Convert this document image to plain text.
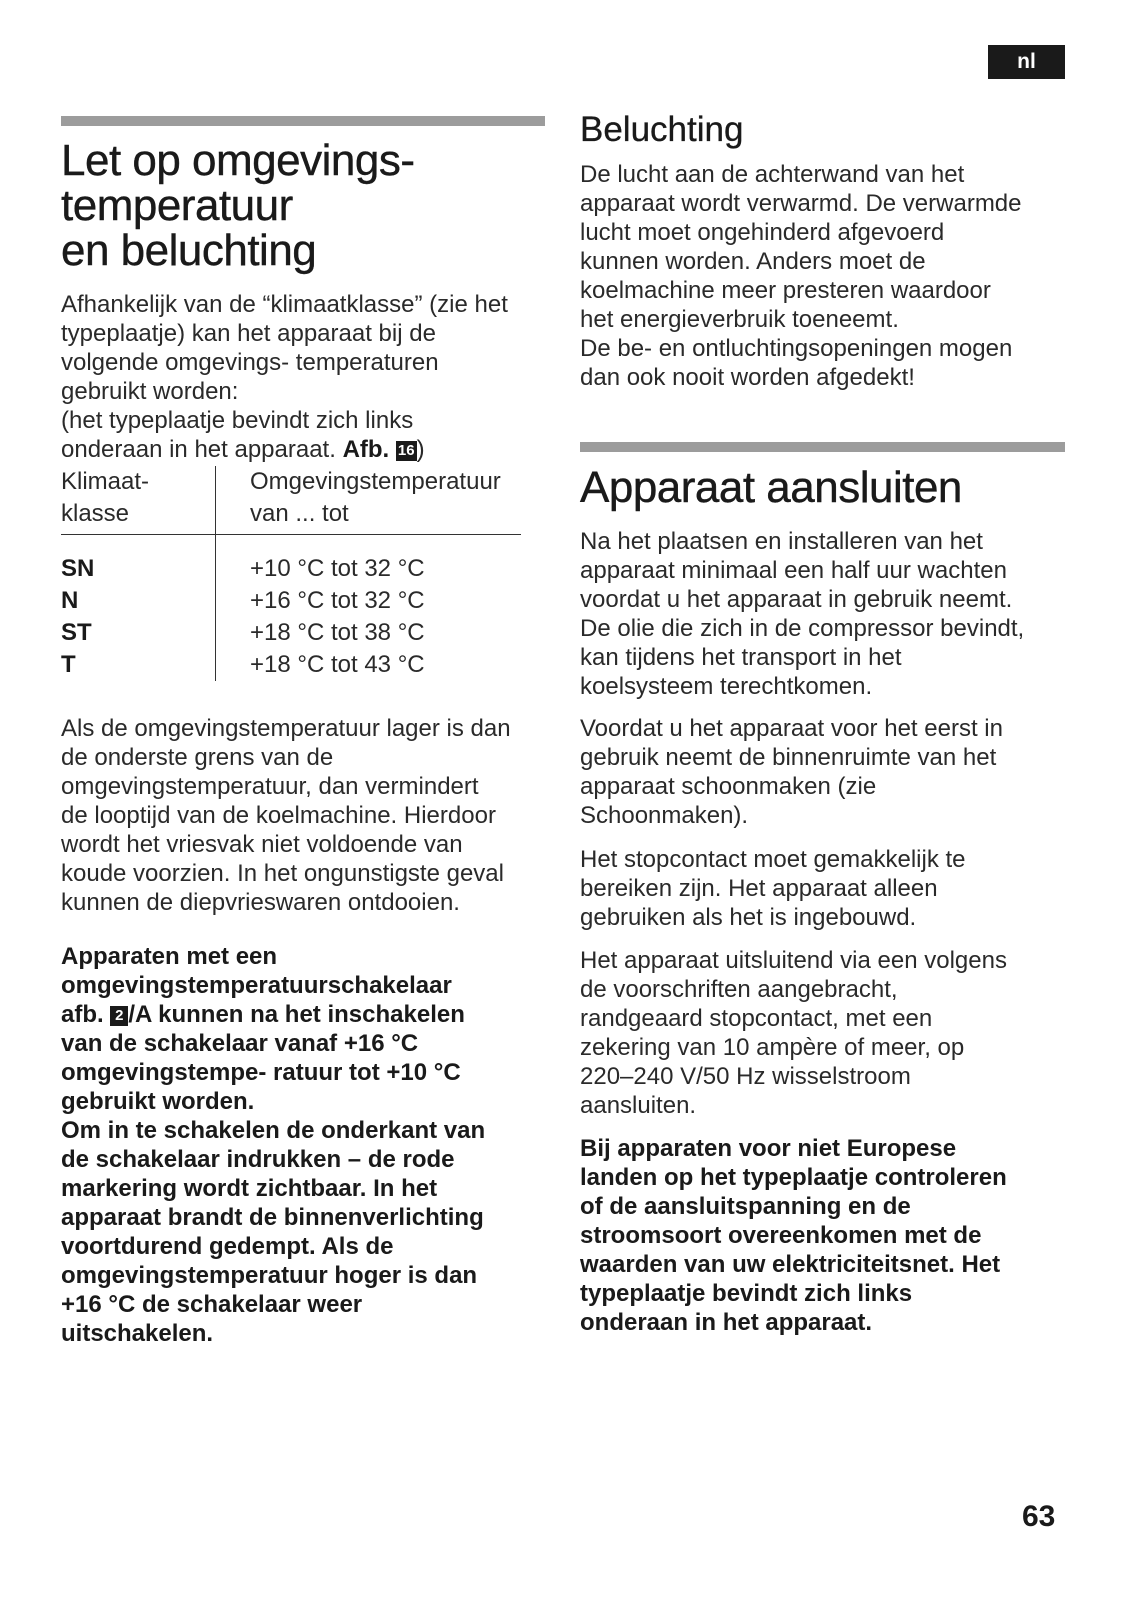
nl
Let op omgevings-
temperatuur
en beluchting

Afhankelijk van de “klimaatklasse” (zie het
typeplaatje) kan het apparaat bij de
volgende omgevings- temperaturen
gebruikt worden:
(het typeplaatje bevindt zich links
onderaan in het apparaat. Afb. 16)

Klimaat-
klasse	Omgevingstemperatuur
van ... tot

SN	+10 °C tot 32 °C
N	+16 °C tot 32 °C
ST	+18 °C tot 38 °C
T	+18 °C tot 43 °C

Als de omgevingstemperatuur lager is dan
de onderste grens van de
omgevingstemperatuur, dan vermindert
de looptijd van de koelmachine. Hierdoor
wordt het vriesvak niet voldoende van
koude voorzien. In het ongunstigste geval
kunnen de diepvrieswaren ontdooien.

Apparaten met een
omgevingstemperatuurschakelaar
afb. 2 /A kunnen na het inschakelen
van de schakelaar vanaf +16 °C
omgevingstempe- ratuur tot +10 °C
gebruikt worden.
Om in te schakelen de onderkant van
de schakelaar indrukken – de rode
markering wordt zichtbaar. In het
apparaat brandt de binnenverlichting
voortdurend gedempt. Als de
omgevingstemperatuur hoger is dan
+16 °C de schakelaar weer
uitschakelen.

Beluchting

De lucht aan de achterwand van het
apparaat wordt verwarmd. De verwarmde
lucht moet ongehinderd afgevoerd
kunnen worden. Anders moet de
koelmachine meer presteren waardoor
het energieverbruik toeneemt.
De be- en ontluchtingsopeningen mogen
dan ook nooit worden afgedekt!

Apparaat aansluiten

Na het plaatsen en installeren van het
apparaat minimaal een half uur wachten
voordat u het apparaat in gebruik neemt.
De olie die zich in de compressor bevindt,
kan tijdens het transport in het
koelsysteem terechtkomen.

Voordat u het apparaat voor het eerst in
gebruik neemt de binnenruimte van het
apparaat schoonmaken (zie
Schoonmaken).

Het stopcontact moet gemakkelijk te
bereiken zijn. Het apparaat alleen
gebruiken als het is ingebouwd.

Het apparaat uitsluitend via een volgens
de voorschriften aangebracht,
randgeaard stopcontact, met een
zekering van 10 ampère of meer, op
220–240 V/50 Hz wisselstroom
aansluiten.

Bij apparaten voor niet Europese
landen op het typeplaatje controleren
of de aansluitspanning en de
stroomsoort overeenkomen met de
waarden van uw elektriciteitsnet. Het
typeplaatje bevindt zich links
onderaan in het apparaat.

63
